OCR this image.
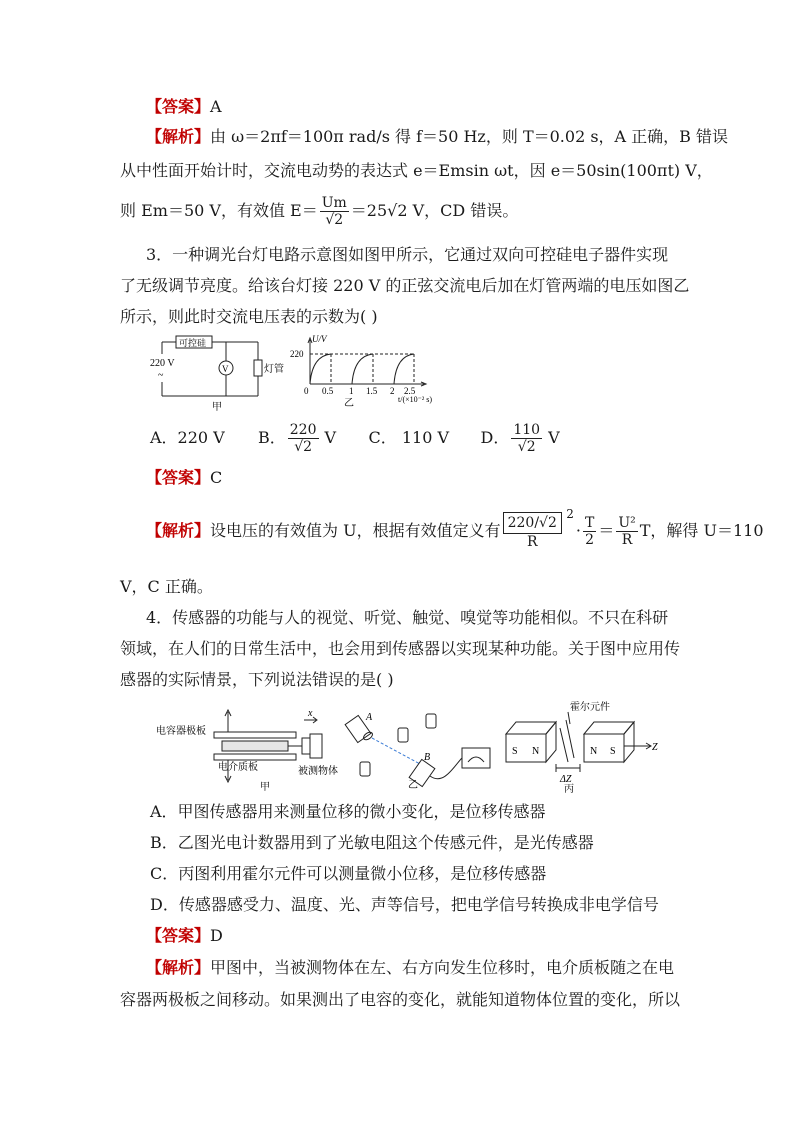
【答案】A
【解析】由 ω＝2πf＝100π rad/s 得 f＝50 Hz，则 T＝0.02 s，A 正确，B 错误
从中性面开始计时，交流电动势的表达式 e＝Emsin ωt，因 e＝50sin(100πt) V，
则 Em＝50 V，有效值 $E= \frac{Um}{√2} =25√2$ V，CD 错误。
3．一种调光台灯电路示意图如图甲所示，它通过双向可控硅电子器件实现
了无级调节亮度。给该台灯接 220 V 的正弦交流电后加在灯管两端的电压如图乙
所示，则此时交流电压表的示数为( )
可控硅
220 V
~
V	灯管
甲
U/V
220
0 0.5 1 1.5 2 2.5
t/(×10⁻² s)
乙
A．220 V	B． $\frac{220}{√2}$ V	C． 110 V	D． $\frac{110}{√2}$ V
【答案】C
【解析】 设电压的有效值为 U，根据有效值定义有 220/√2
R
2
· $\frac{T}{2} = \frac{\text{U²}}{R}$ T，解得 U＝110
V，C 正确。
4．传感器的功能与人的视觉、听觉、触觉、嗅觉等功能相似。不只在科研
领域，在人们的日常生活中，也会用到传感器以实现某种功能。关于图中应用传
感器的实际情景，下列说法错误的是( )
电容器极板
电介质板	被测物体
x
甲
A
B
乙
霍尔元件
S N	N S	Z
ΔZ
丙
A．甲图传感器用来测量位移的微小变化，是位移传感器
B．乙图光电计数器用到了光敏电阻这个传感元件，是光传感器
C．丙图利用霍尔元件可以测量微小位移，是位移传感器
D．传感器感受力、温度、光、声等信号，把电学信号转换成非电学信号
【答案】D
【解析】甲图中，当被测物体在左、右方向发生位移时，电介质板随之在电
容器两极板之间移动。如果测出了电容的变化，就能知道物体位置的变化，所以
